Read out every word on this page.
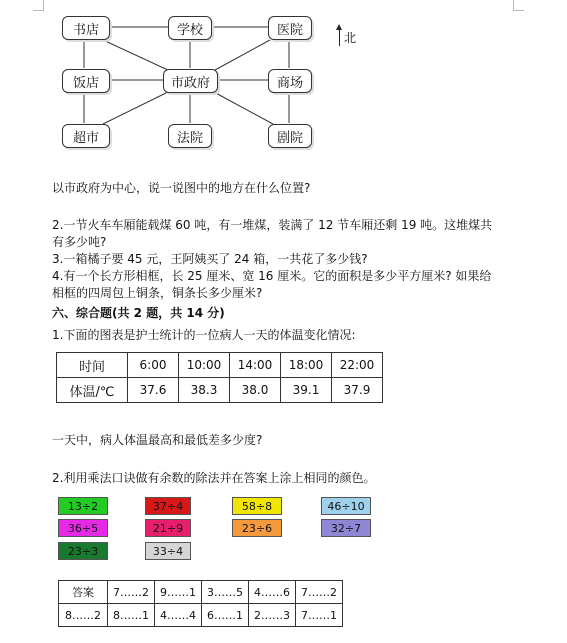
书店	学校	医院
饭店	市政府	商场
超市	法院	剧院
北
以市政府为中心，说一说图中的地方在什么位置?
2.一节火车车厢能载煤 60 吨，有一堆煤，装满了 12 节车厢还剩 19 吨。这堆煤共
有多少吨?
3.一箱橘子要 45 元，王阿姨买了 24 箱，一共花了多少钱?
4.有一个长方形相框，长 25 厘米、宽 16 厘米。它的面积是多少平方厘米? 如果给
相框的四周包上铜条，铜条长多少厘米?
六、综合题(共 2 题，共 14 分)
1.下面的图表是护士统计的一位病人一天的体温变化情况:
时间	6:00	10:00	14:00	18:00	22:00
体温/℃	37.6	38.3	38.0	39.1	37.9
一天中，病人体温最高和最低差多少度?
2.利用乘法口诀做有余数的除法并在答案上涂上相同的颜色。
13÷2	37÷4	58÷8	46÷10
36÷5	21÷9	23÷6	32÷7
23÷3	33÷4
答案	7……2	9……1	3……5	4……6	7……2
8……2	8……1	4……4	6……1	2……3	7……1
